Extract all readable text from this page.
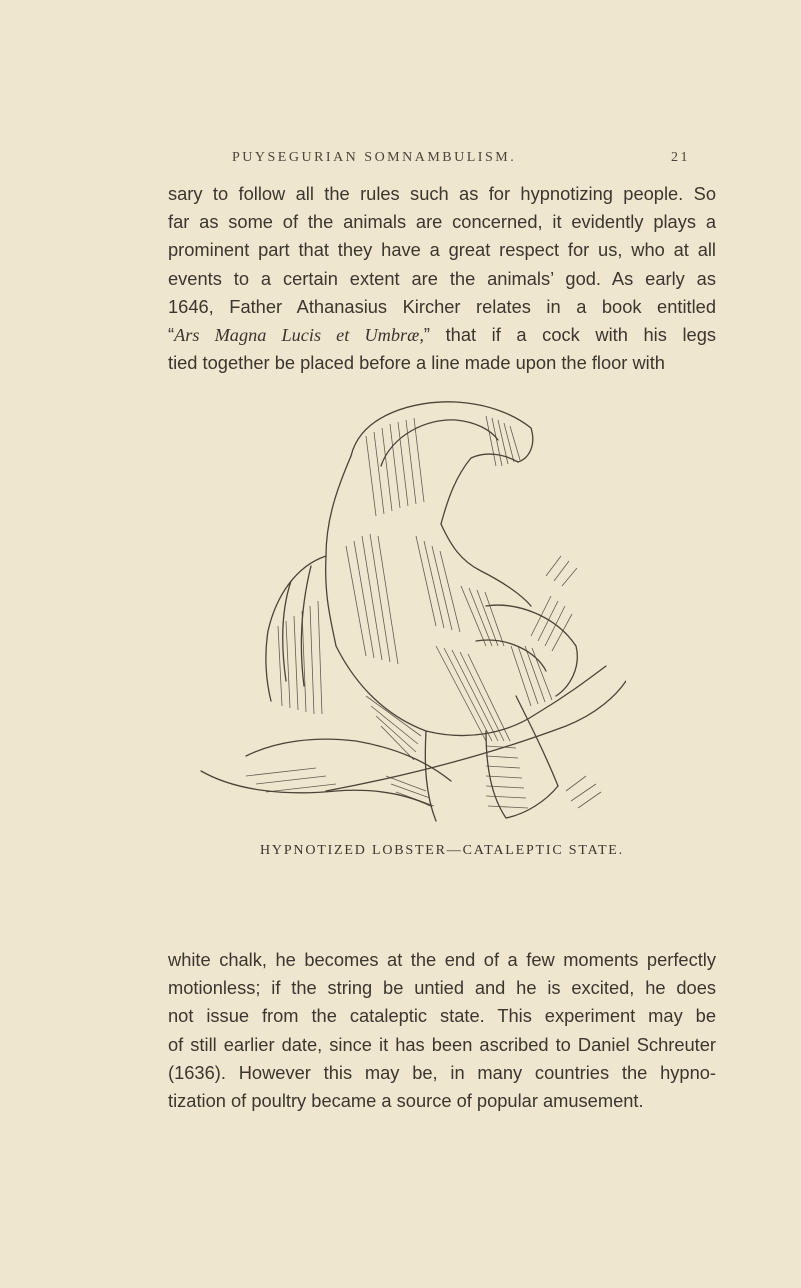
PUYSEGURIAN SOMNAMBULISM.	21
sary to follow all the rules such as for hypnotizing people. So
far as some of the animals are concerned, it evidently plays a
prominent part that they have a great respect for us, who at all
events to a certain extent are the animals’ god. As early as
1646, Father Athanasius Kircher relates in a book entitled
“Ars Magna Lucis et Umbræ,” that if a cock with his legs
tied together be placed before a line made upon the floor with
HYPNOTIZED LOBSTER—CATALEPTIC STATE.
white chalk, he becomes at the end of a few moments perfectly
motionless; if the string be untied and he is excited, he does
not issue from the cataleptic state. This experiment may be
of still earlier date, since it has been ascribed to Daniel Schreuter
(1636). However this may be, in many countries the hypno-
tization of poultry became a source of popular amusement.
